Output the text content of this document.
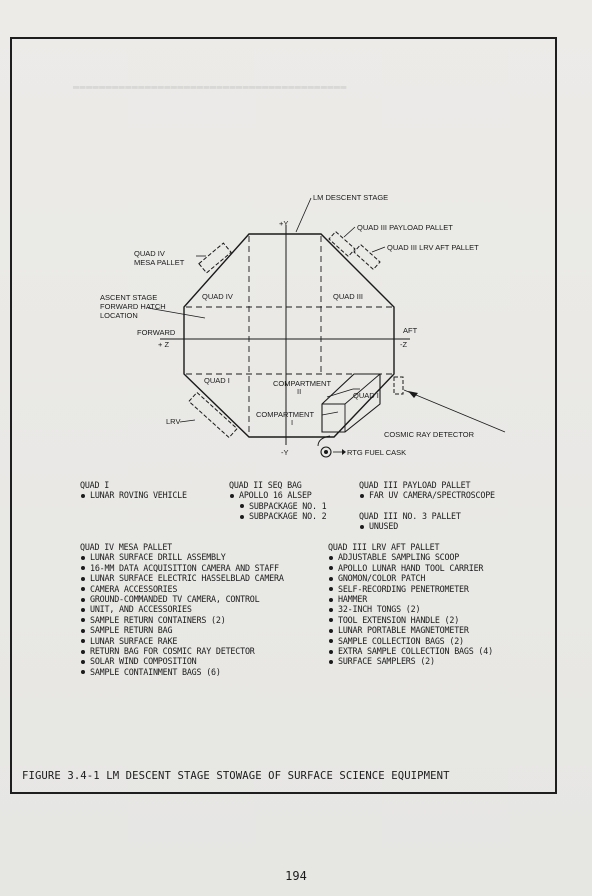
▬▬▬▬▬▬▬▬▬▬▬▬▬▬▬▬▬▬▬▬▬▬▬▬▬▬▬▬▬▬▬▬▬▬▬▬▬▬▬▬▬▬

LM DESCENT STAGE
+Y	QUAD III PAYLOAD PALLET
QUAD III LRV AFT PALLET
QUAD IV
MESA PALLET
ASCENT STAGE
FORWARD HATCH
LOCATION
QUAD IV	QUAD III
FORWARD
+ Z
AFT
-Z
QUAD I	COMPARTMENT
II	QUAD II
COMPARTMENT
I
LRV
COSMIC RAY DETECTOR
-Y	RTG FUEL CASK
QUAD I
LUNAR ROVING VEHICLE
QUAD II SEQ BAG
APOLLO 16 ALSEP
SUBPACKAGE NO. 1
SUBPACKAGE NO. 2
QUAD III PAYLOAD PALLET
FAR UV CAMERA/SPECTROSCOPE
QUAD III NO. 3 PALLET
UNUSED
QUAD IV MESA PALLET
LUNAR SURFACE DRILL ASSEMBLY
16-MM DATA ACQUISITION CAMERA AND STAFF
LUNAR SURFACE ELECTRIC HASSELBLAD CAMERA
CAMERA ACCESSORIES
GROUND-COMMANDED TV CAMERA, CONTROL
UNIT, AND ACCESSORIES
SAMPLE RETURN CONTAINERS (2)
SAMPLE RETURN BAG
LUNAR SURFACE RAKE
RETURN BAG FOR COSMIC RAY DETECTOR
SOLAR WIND COMPOSITION
SAMPLE CONTAINMENT BAGS (6)
QUAD III LRV AFT PALLET
ADJUSTABLE SAMPLING SCOOP
APOLLO LUNAR HAND TOOL CARRIER
GNOMON/COLOR PATCH
SELF-RECORDING PENETROMETER
HAMMER
32-INCH TONGS (2)
TOOL EXTENSION HANDLE (2)
LUNAR PORTABLE MAGNETOMETER
SAMPLE COLLECTION BAGS (2)
EXTRA SAMPLE COLLECTION BAGS (4)
SURFACE SAMPLERS (2)
FIGURE 3.4-1 LM DESCENT STAGE STOWAGE OF SURFACE SCIENCE EQUIPMENT
194
